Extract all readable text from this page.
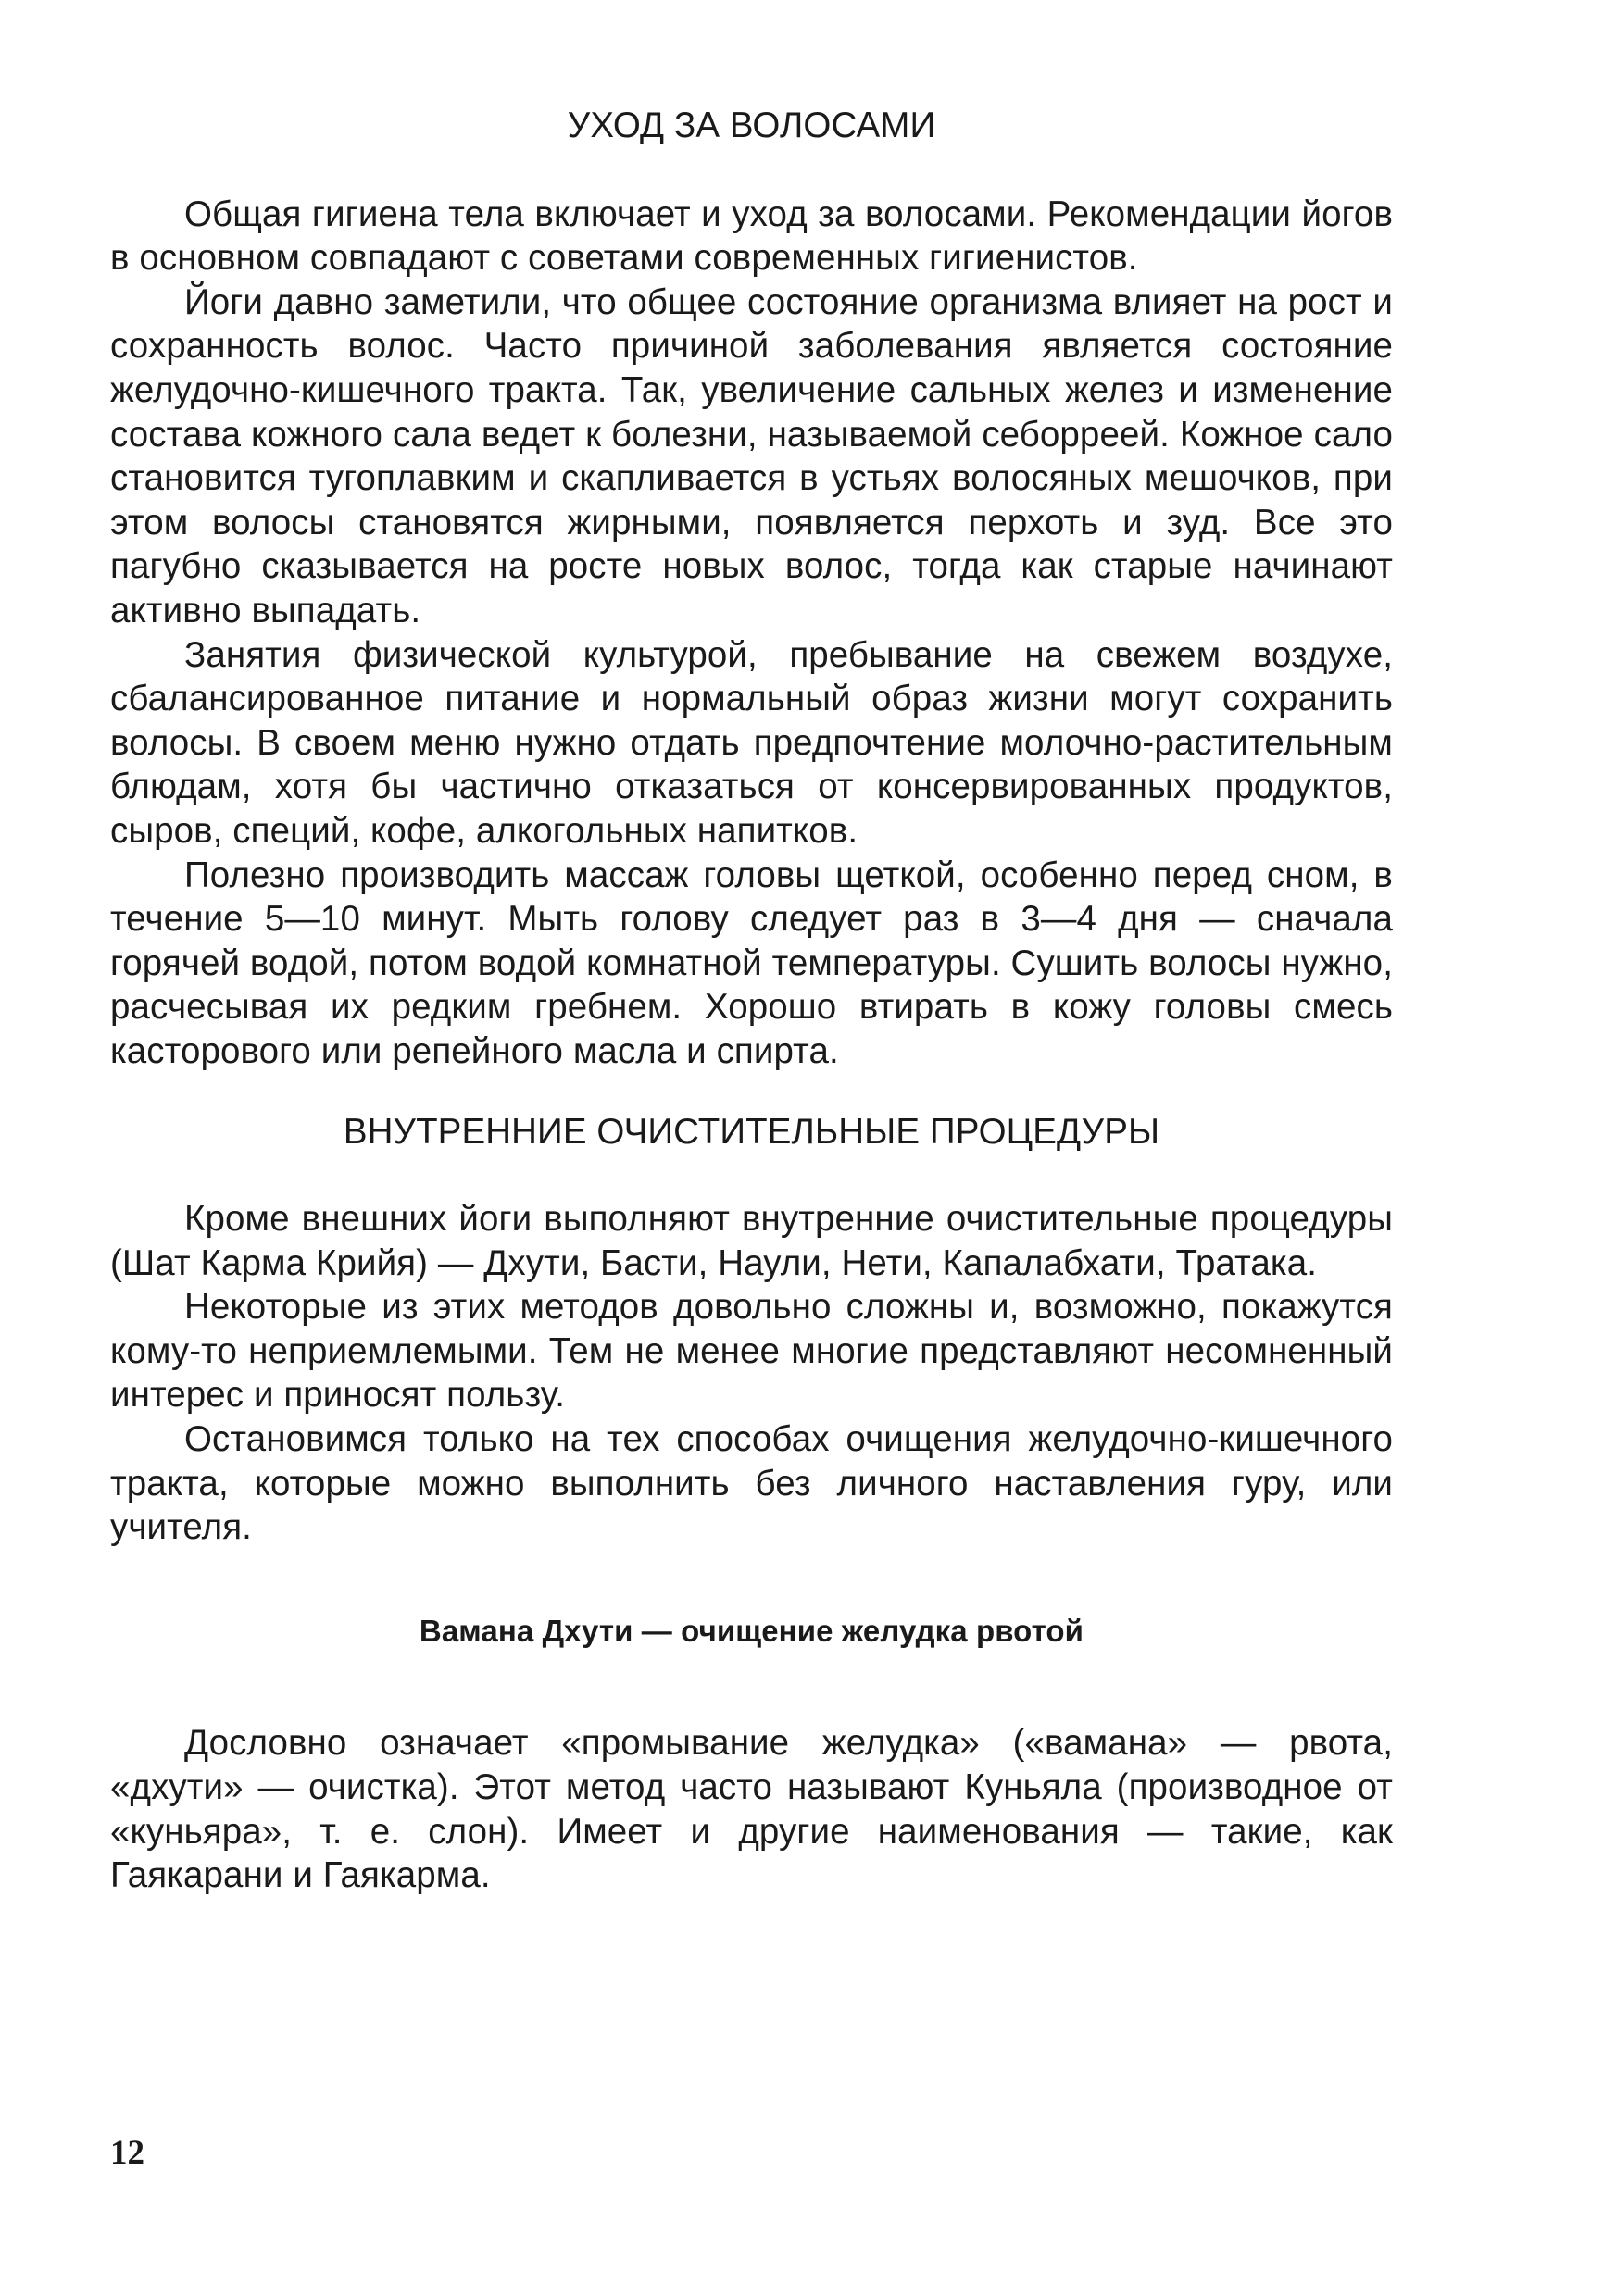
УХОД ЗА ВОЛОСАМИ

Общая гигиена тела включает и уход за волосами. Рекомендации йогов в основном совпадают с советами современных гигиенистов.

Йоги давно заметили, что общее состояние организма влияет на рост и сохранность волос. Часто причиной заболевания является состояние желудочно-кишечного тракта. Так, увеличение сальных желез и изменение состава кожного сала ведет к болезни, называемой себорреей. Кожное сало становится тугоплавким и скапливается в устьях волосяных мешочков, при этом волосы становятся жирными, появляется перхоть и зуд. Все это пагубно сказывается на росте новых волос, тогда как старые начинают активно выпадать.

Занятия физической культурой, пребывание на свежем воздухе, сбалансированное питание и нормальный образ жизни могут сохранить волосы. В своем меню нужно отдать предпочтение молочно-растительным блюдам, хотя бы частично отказаться от консервированных продуктов, сыров, специй, кофе, алкогольных напитков.

Полезно производить массаж головы щеткой, особенно перед сном, в течение 5—10 минут. Мыть голову следует раз в 3—4 дня — сначала горячей водой, потом водой комнатной температуры. Сушить волосы нужно, расчесывая их редким гребнем. Хорошо втирать в кожу головы смесь касторового или репейного масла и спирта.

ВНУТРЕННИЕ ОЧИСТИТЕЛЬНЫЕ ПРОЦЕДУРЫ

Кроме внешних йоги выполняют внутренние очистительные процедуры (Шат Карма Крийя) — Дхути, Басти, Наули, Нети, Капалабхати, Тратака.

Некоторые из этих методов довольно сложны и, возможно, покажутся кому-то неприемлемыми. Тем не менее многие представляют несомненный интерес и приносят пользу.

Остановимся только на тех способах очищения желудочно-кишечного тракта, которые можно выполнить без личного наставления гуру, или учителя.

Вамана Дхути — очищение желудка рвотой

Дословно означает «промывание желудка» («вамана» — рвота, «дхути» — очистка). Этот метод часто называют Куньяла (производное от «куньяра», т. е. слон). Имеет и другие наименования — такие, как Гаякарани и Гаякарма.

12
